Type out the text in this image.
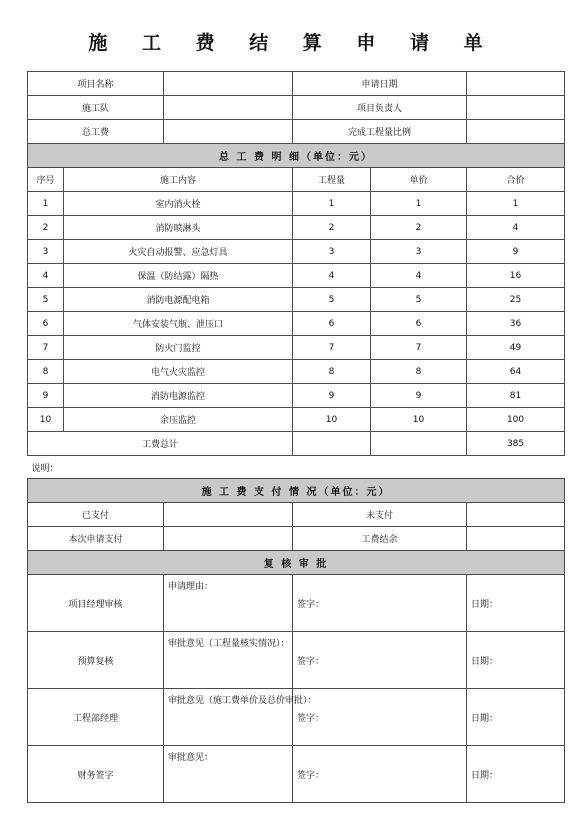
施 工 费 结 算 申 请 单
项目名称			申请日期		
施工队			项目负责人		
总工费			完成工程量比例		
总 工 费 明 细（单位：元）					
序号	施工内容		工程量	单价	合价
1	室内消火栓		1	1	1
2	消防喷淋头		2	2	4
3	火灾自动报警、应急灯具		3	3	9
4	保温（防结露）隔热		4	4	16
5	消防电源配电箱		5	5	25
6	气体安装气瓶、泄压口		6	6	36
7	防火门监控		7	7	49
8	电气火灾监控		8	8	64
9	消防电源监控		9	9	81
10	余压监控		10	10	100
工费总计					385
说明：					
施 工 费 支 付 情 况（单位：元）					
已支付			未支付		
本次申请支付			工费结余		
复 核 审 批					
项目经理审核		申请理由：	签字：		日期：
预算复核		审批意见（工程量核实情况）：	签字：		日期：
工程部经理		审批意见（施工费单价及总价审批）：	签字：		日期：
财务签字		审批意见：	签字：		日期：
